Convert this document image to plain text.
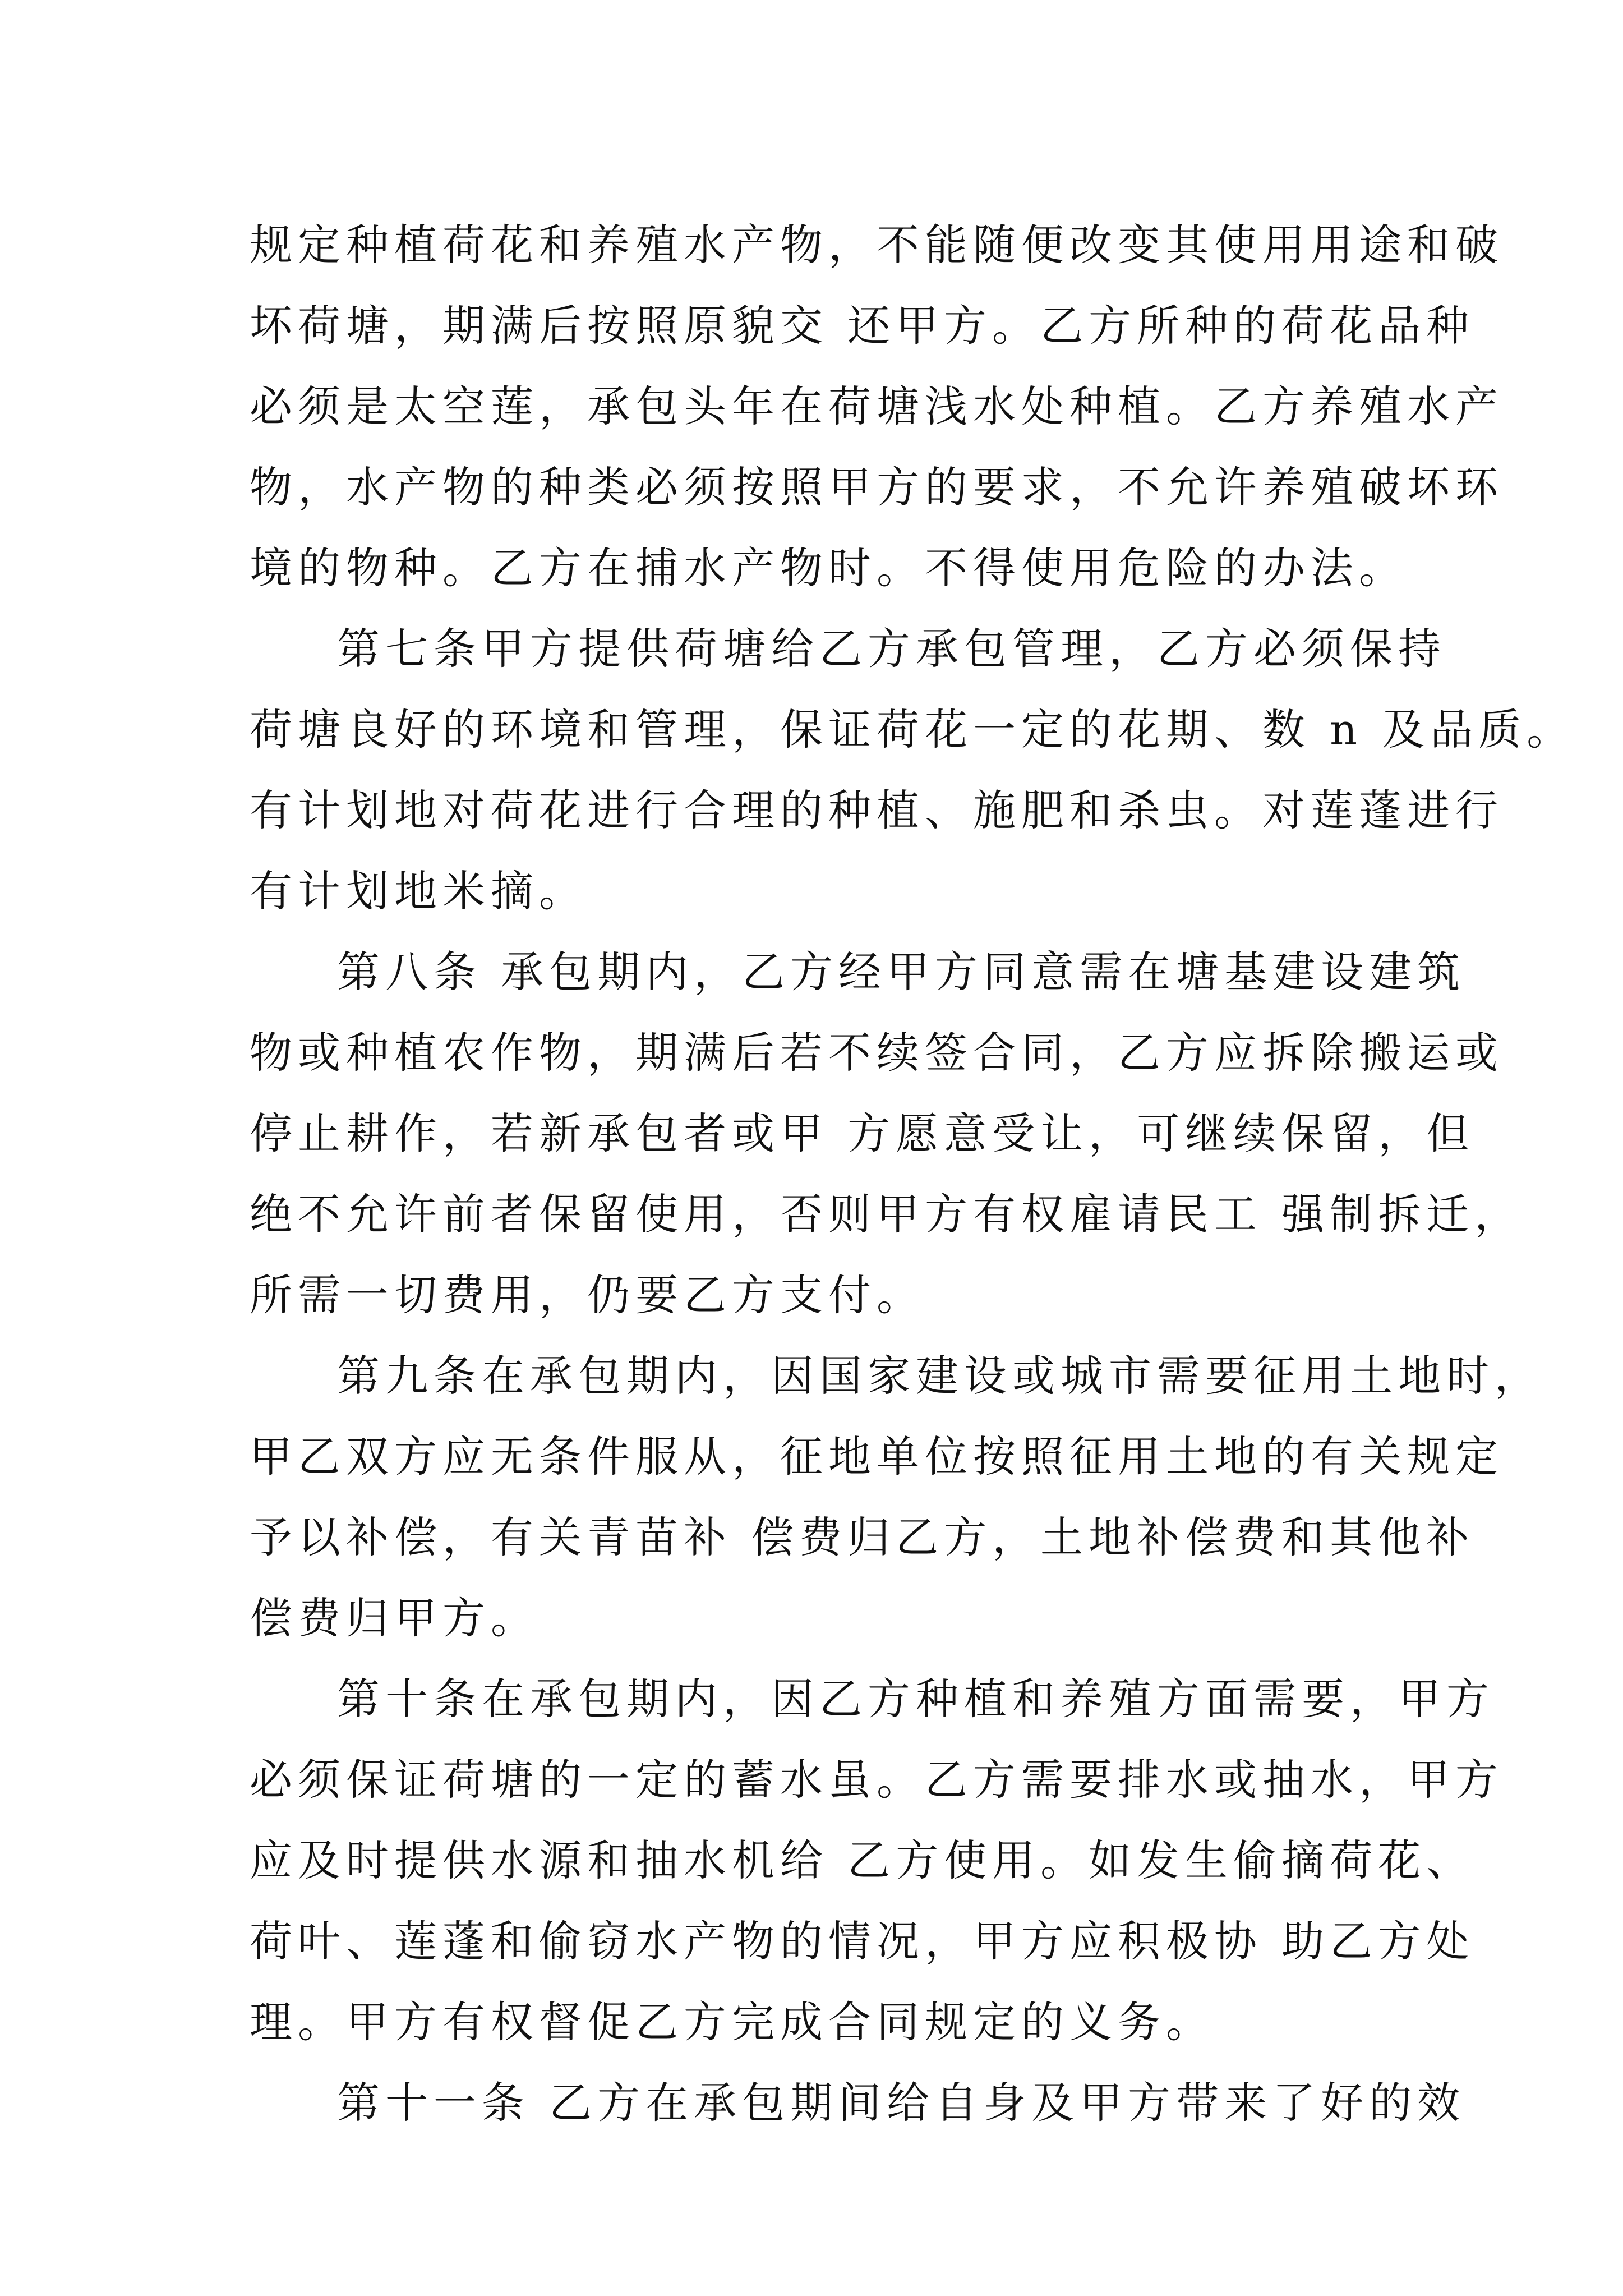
规定种植荷花和养殖水产物，不能随便改变其使用用途和破
坏荷塘，期满后按照原貌交 还甲方。乙方所种的荷花品种
必须是太空莲，承包头年在荷塘浅水处种植。乙方养殖水产
物，水产物的种类必须按照甲方的要求，不允许养殖破坏环
境的物种。乙方在捕水产物时。不得使用危险的办法。
第七条甲方提供荷塘给乙方承包管理，乙方必须保持
荷塘良好的环境和管理，保证荷花一定的花期、数 n 及品质。
有计划地对荷花进行合理的种植、施肥和杀虫。对莲蓬进行
有计划地米摘。
第八条 承包期内，乙方经甲方同意需在塘基建设建筑
物或种植农作物，期满后若不续签合同，乙方应拆除搬运或
停止耕作，若新承包者或甲 方愿意受让，可继续保留，但
绝不允许前者保留使用，否则甲方有权雇请民工 强制拆迁，
所需一切费用，仍要乙方支付。
第九条在承包期内，因国家建设或城市需要征用土地时，
甲乙双方应无条件服从，征地单位按照征用土地的有关规定
予以补偿，有关青苗补 偿费归乙方，土地补偿费和其他补
偿费归甲方。
第十条在承包期内，因乙方种植和养殖方面需要，甲方
必须保证荷塘的一定的蓄水虽。乙方需要排水或抽水，甲方
应及时提供水源和抽水机给 乙方使用。如发生偷摘荷花、
荷叶、莲蓬和偷窃水产物的情况，甲方应积极协 助乙方处
理。甲方有权督促乙方完成合同规定的义务。
第十一条 乙方在承包期间给自身及甲方带来了好的效
